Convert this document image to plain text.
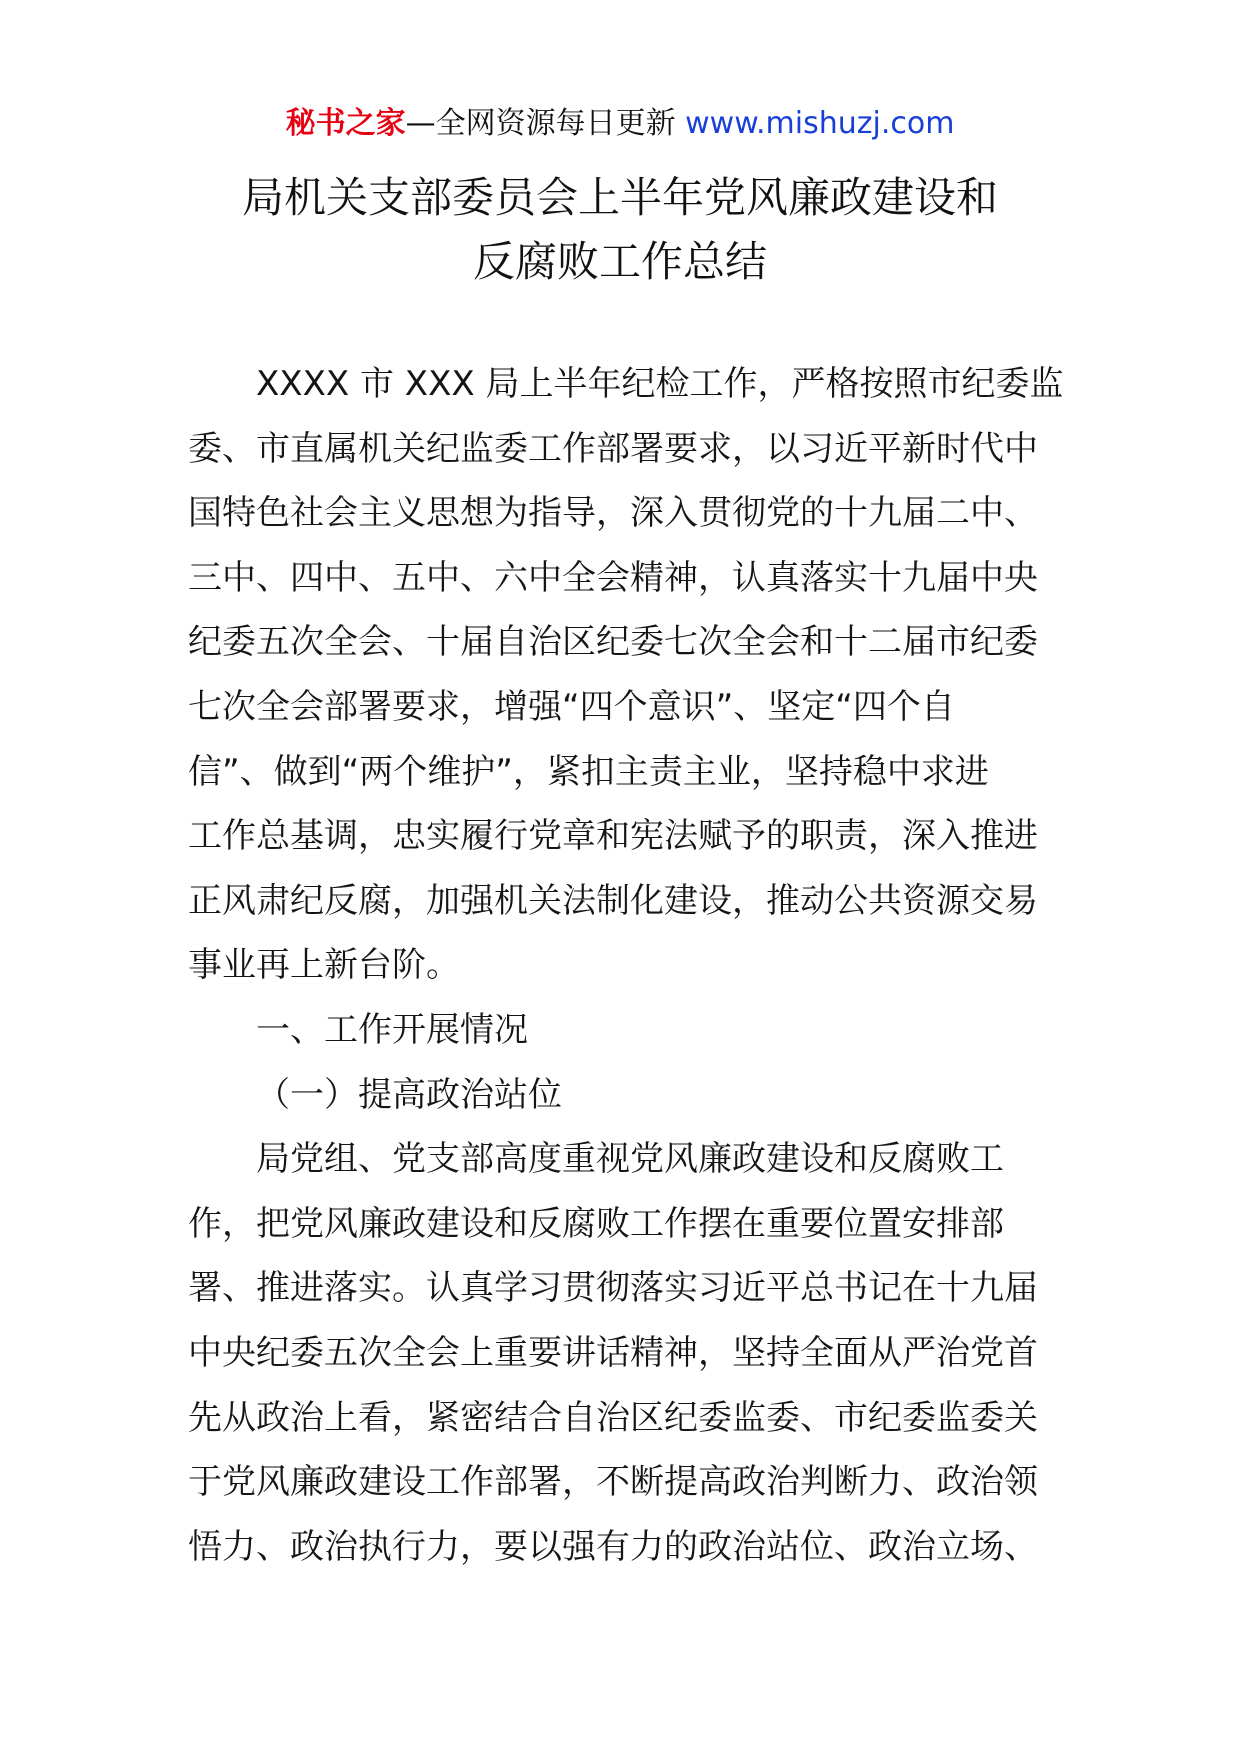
秘书之家—全网资源每日更新 www.mishuzj.com
局机关支部委员会上半年党风廉政建设和
反腐败工作总结
XXXX 市 XXX 局上半年纪检工作，严格按照市纪委监
委、市直属机关纪监委工作部署要求，以习近平新时代中
国特色社会主义思想为指导，深入贯彻党的十九届二中、
三中、四中、五中、六中全会精神，认真落实十九届中央
纪委五次全会、十届自治区纪委七次全会和十二届市纪委
七次全会部署要求，增强“四个意识”、坚定“四个自
信”、做到“两个维护”，紧扣主责主业，坚持稳中求进
工作总基调，忠实履行党章和宪法赋予的职责，深入推进
正风肃纪反腐，加强机关法制化建设，推动公共资源交易
事业再上新台阶。
一、工作开展情况
（一）提高政治站位
局党组、党支部高度重视党风廉政建设和反腐败工
作，把党风廉政建设和反腐败工作摆在重要位置安排部
署、推进落实。认真学习贯彻落实习近平总书记在十九届
中央纪委五次全会上重要讲话精神，坚持全面从严治党首
先从政治上看，紧密结合自治区纪委监委、市纪委监委关
于党风廉政建设工作部署，不断提高政治判断力、政治领
悟力、政治执行力，要以强有力的政治站位、政治立场、
